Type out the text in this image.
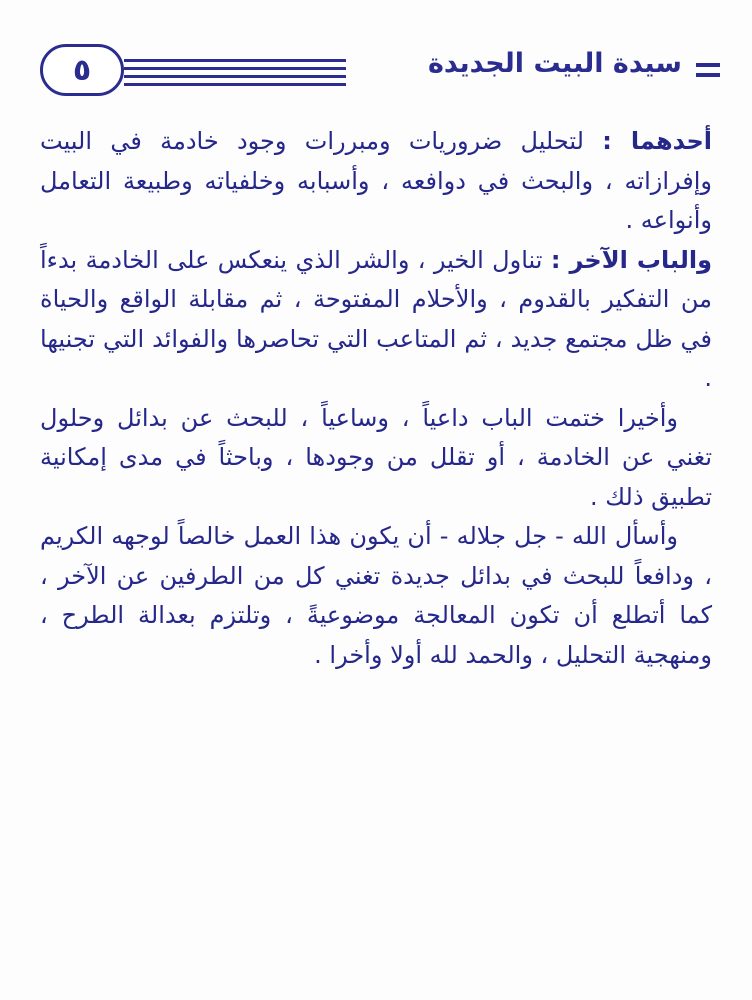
٥	سيدة البيت الجديدة

أحدهما : لتحليل ضروريات ومبررات وجود خادمة في البيت وإفرازاته ، والبحث في دوافعه ، وأسبابه وخلفياته وطبيعة التعامل وأنواعه .

والباب الآخر : تناول الخير ، والشر الذي ينعكس على الخادمة بدءاً من التفكير بالقدوم ، والأحلام المفتوحة ، ثم مقابلة الواقع والحياة في ظل مجتمع جديد ، ثم المتاعب التي تحاصرها والفوائد التي تجنيها .

وأخيرا ختمت الباب داعياً ، وساعياً ، للبحث عن بدائل وحلول تغني عن الخادمة ، أو تقلل من وجودها ، وباحثاً في مدى إمكانية تطبيق ذلك .

وأسأل الله - جل جلاله - أن يكون هذا العمل خالصاً لوجهه الكريم ، ودافعاً للبحث في بدائل جديدة تغني كل من الطرفين عن الآخر ، كما أتطلع أن تكون المعالجة موضوعيةً ، وتلتزم بعدالة الطرح ، ومنهجية التحليل ، والحمد لله أولا وأخرا .
